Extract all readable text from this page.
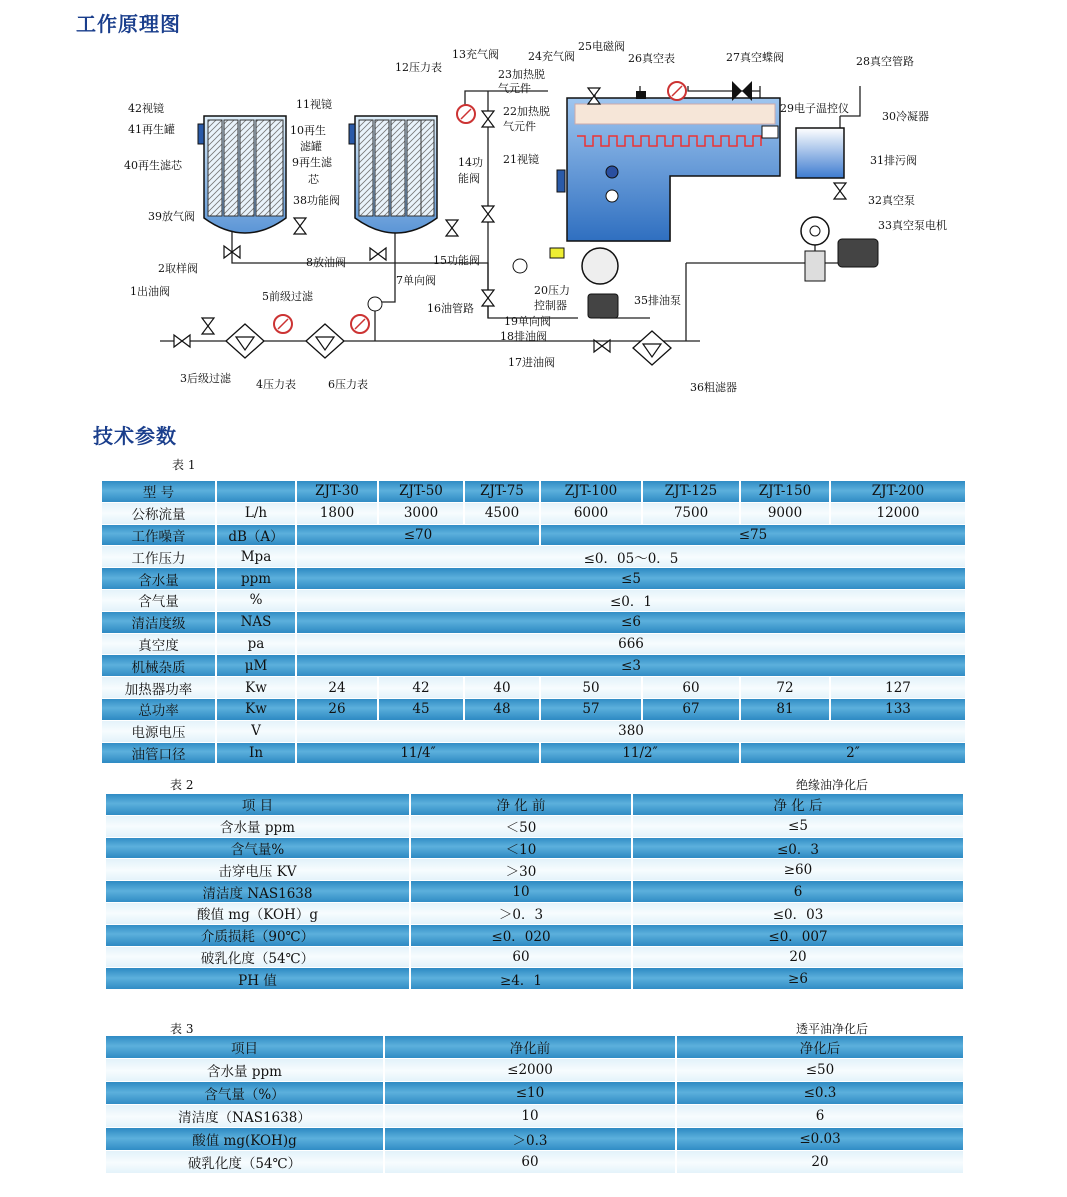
工作原理图
1出油阀
2取样阀
3后级过滤 4压力表
5前级过滤
6压力表
7单向阀
8放油阀
9再生滤
芯
10再生
滤罐
11视镜
12压力表
13充气阀
14功
能阀
15功能阀
16油管路
17进油阀
18排油阀
19单向阀
20压力
控制器
21视镜
22加热脱
气元件
23加热脱
气元件
24充气阀
25电磁阀
26真空表	27真空蝶阀	28真空管路
29电子温控仪
30冷凝器
31排污阀
32真空泵
33真空泵电机
35排油泵
36粗滤器
38功能阀
39放气阀
40再生滤芯
41再生罐
42视镜
技术参数
表 1
型 号		ZJT-30	ZJT-50	ZJT-75	ZJT-100	ZJT-125	ZJT-150	ZJT-200
公称流量	L/h	1800	3000	4500	6000	7500	9000	12000
工作噪音	dB（A）	≤70			≤75			
工作压力	Mpa	≤0．05～0．5						
含水量	ppm	≤5						
含气量	%	≤0．1						
清洁度级	NAS	≤6						
真空度	pa	666						
机械杂质	μM	≤3						
加热器功率	Kw	24	42	40	50	60	72	127
总功率	Kw	26	45	48	57	67	81	133
电源电压	V	380						
油管口径	In	11/4″			11/2″		2″	
表 2	绝缘油净化后
项 目	净 化 前	净 化 后
含水量 ppm	＜50	≤5
含气量%	＜10	≤0．3
击穿电压 KV	＞30	≥60
清洁度 NAS1638	10	6
酸值 mg（KOH）g	＞0．3	≤0．03
介质损耗（90℃）	≤0．020	≤0．007
破乳化度（54℃）	60	20
PH 值	≥4．1	≥6
表 3	透平油净化后
项目	净化前	净化后
含水量 ppm	≤2000	≤50
含气量（%）	≤10	≤0.3
清洁度（NAS1638）	10	6
酸值 mg(KOH)g	＞0.3	≤0.03
破乳化度（54℃）	60	20
